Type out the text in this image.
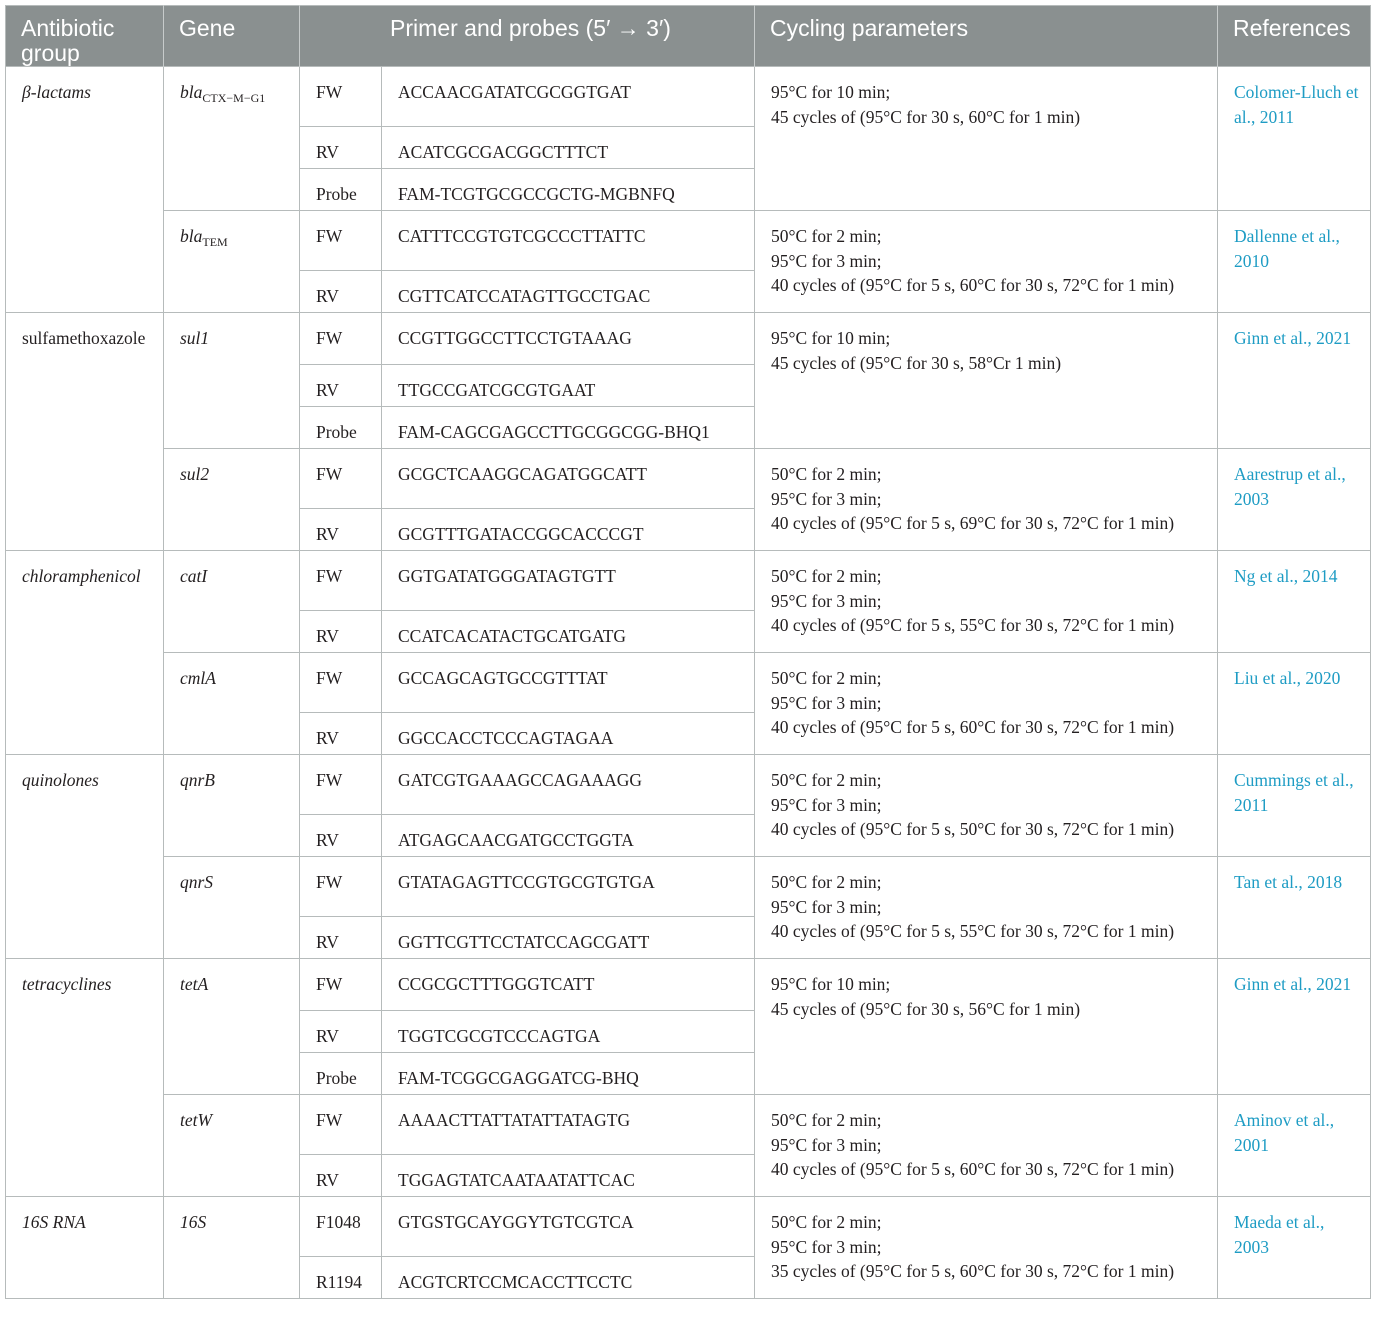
Antibiotic group	Gene	Primer and probes (5′ → 3′)		Cycling parameters	References
β-lactams	bla$_{CTX-M-G1}$	FW	ACCAACGATATCGCGGTGAT	95°C for 10 min;
45 cycles of (95°C for 30 s, 60°C for 1 min)	Colomer-Lluch et al., 2011

		RV	ACATCGCGACGGCTTTCT		
		Probe	FAM-TCGTGCGCCGCTG-MGBNFQ		
	bla$_{TEM}$	FW	CATTTCCGTGTCGCCCTTATTC	50°C for 2 min;
95°C for 3 min;
40 cycles of (95°C for 5 s, 60°C for 30 s, 72°C for 1 min)	Dallenne et al., 2010

		RV	CGTTCATCCATAGTTGCCTGAC		
sulfamethoxazole	sul1	FW	CCGTTGGCCTTCCTGTAAAG	95°C for 10 min;
45 cycles of (95°C for 30 s, 58°Cr 1 min)	Ginn et al., 2021

		RV	TTGCCGATCGCGTGAAT		
		Probe	FAM-CAGCGAGCCTTGCGGCGG-BHQ1		
	sul2	FW	GCGCTCAAGGCAGATGGCATT	50°C for 2 min;
95°C for 3 min;
40 cycles of (95°C for 5 s, 69°C for 30 s, 72°C for 1 min)	Aarestrup et al., 2003

		RV	GCGTTTGATACCGGCACCCGT		
chloramphenicol	catI	FW	GGTGATATGGGATAGTGTT	50°C for 2 min;
95°C for 3 min;
40 cycles of (95°C for 5 s, 55°C for 30 s, 72°C for 1 min)	Ng et al., 2014

		RV	CCATCACATACTGCATGATG		
	cmlA	FW	GCCAGCAGTGCCGTTTAT	50°C for 2 min;
95°C for 3 min;
40 cycles of (95°C for 5 s, 60°C for 30 s, 72°C for 1 min)	Liu et al., 2020

		RV	GGCCACCTCCCAGTAGAA		
quinolones	qnrB	FW	GATCGTGAAAGCCAGAAAGG	50°C for 2 min;
95°C for 3 min;
40 cycles of (95°C for 5 s, 50°C for 30 s, 72°C for 1 min)	Cummings et al., 2011

		RV	ATGAGCAACGATGCCTGGTA		
	qnrS	FW	GTATAGAGTTCCGTGCGTGTGA	50°C for 2 min;
95°C for 3 min;
40 cycles of (95°C for 5 s, 55°C for 30 s, 72°C for 1 min)	Tan et al., 2018

		RV	GGTTCGTTCCTATCCAGCGATT		
tetracyclines	tetA	FW	CCGCGCTTTGGGTCATT	95°C for 10 min;
45 cycles of (95°C for 30 s, 56°C for 1 min)	Ginn et al., 2021

		RV	TGGTCGCGTCCCAGTGA		
		Probe	FAM-TCGGCGAGGATCG-BHQ		
	tetW	FW	AAAACTTATTATATTATAGTG	50°C for 2 min;
95°C for 3 min;
40 cycles of (95°C for 5 s, 60°C for 30 s, 72°C for 1 min)	Aminov et al., 2001

		RV	TGGAGTATCAATAATATTCAC		
16S RNA	16S	F1048	GTGSTGCAYGGYTGTCGTCA	50°C for 2 min;
95°C for 3 min;
35 cycles of (95°C for 5 s, 60°C for 30 s, 72°C for 1 min)	Maeda et al., 2003

		R1194	ACGTCRTCCMCACCTTCCTC		
